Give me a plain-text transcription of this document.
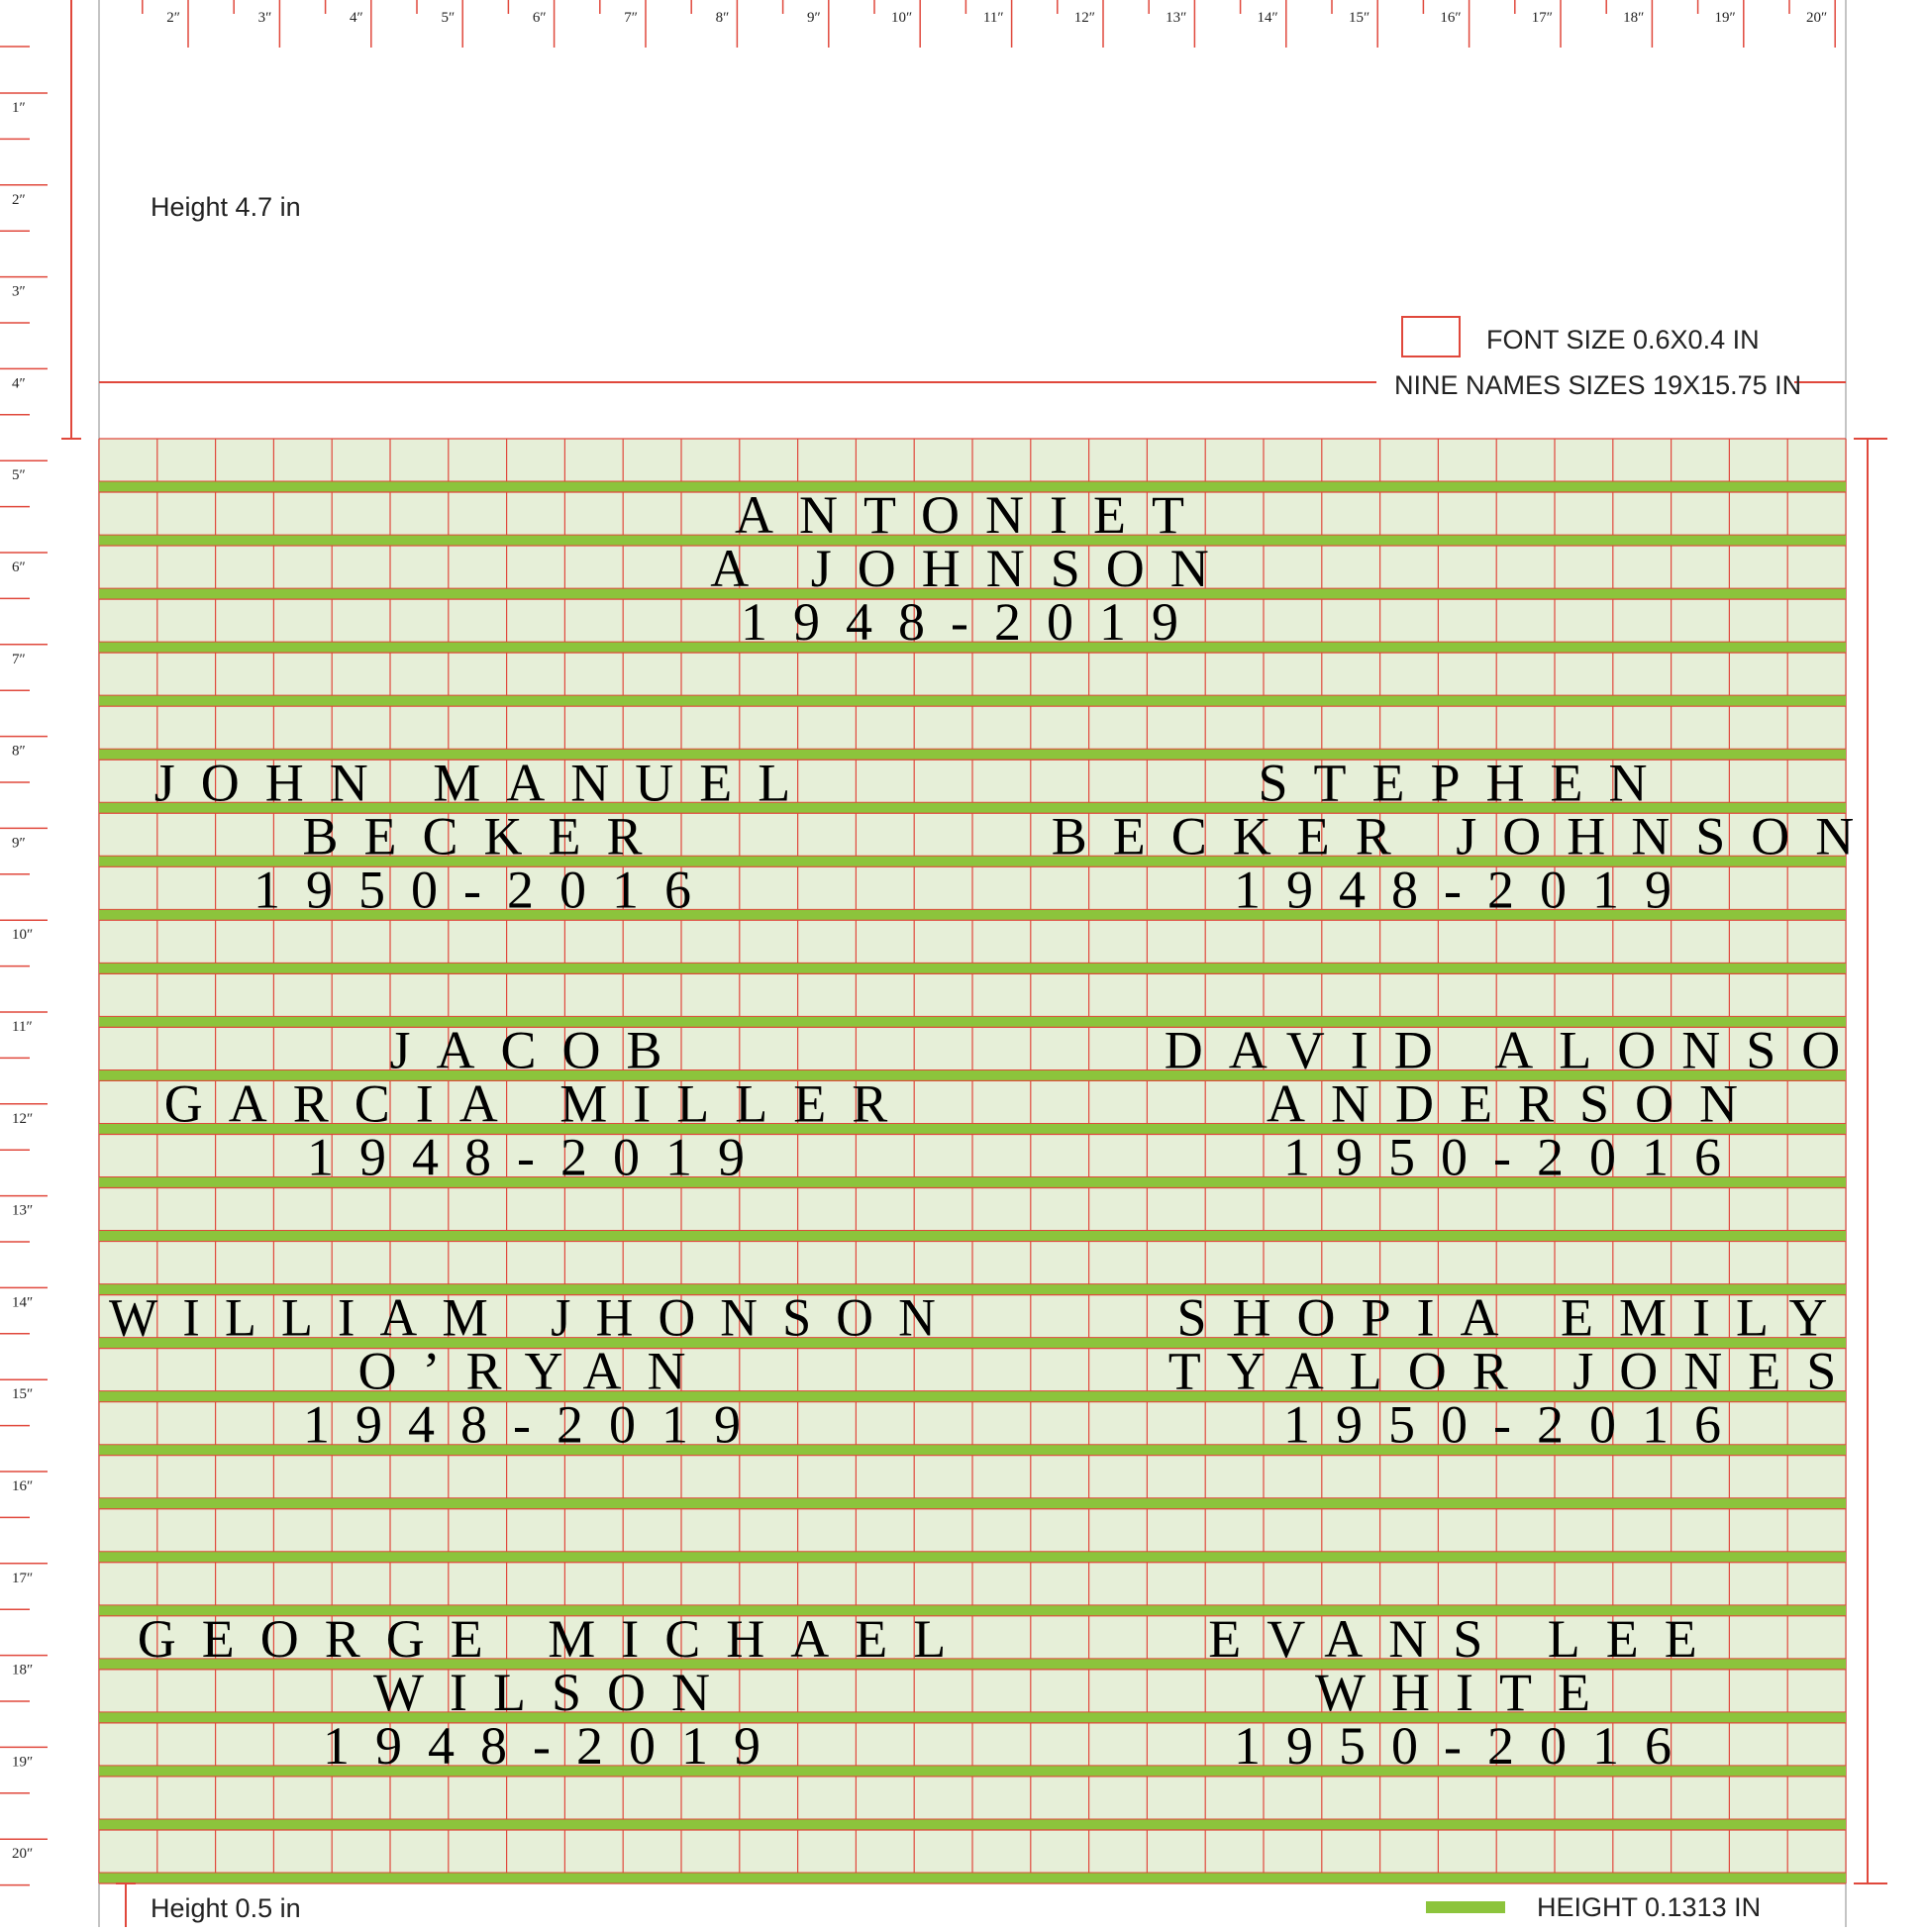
2″	3″	4″	5″	6″	7″	8″	9″	10″	11″	12″	13″	14″	15″	16″	17″	18″	19″	20″
1″
2″
3″
4″
5″
6″
7″
8″
9″
10″
11″
12″
13″
14″
15″
16″
17″
18″
19″
20″
Height 4.7 in
FONT SIZE 0.6X0.4 IN
NINE NAMES SIZES 19X15.75 IN
ANTONIET
A JOHNSON
1948-2019
JOHN MANUEL
BECKER
1950-2016
STEPHEN
BECKER JOHNSON
1948-2019
JACOB
GARCIA MILLER
1948-2019
DAVID ALONSO
ANDERSON
1950-2016
WILLIAM JHONSON
O’RYAN
1948-2019
SHOPIA EMILY
TYALOR JONES
1950-2016
GEORGE MICHAEL
WILSON
1948-2019
EVANS LEE
WHITE
1950-2016
Height 0.5 in	HEIGHT 0.1313 IN
